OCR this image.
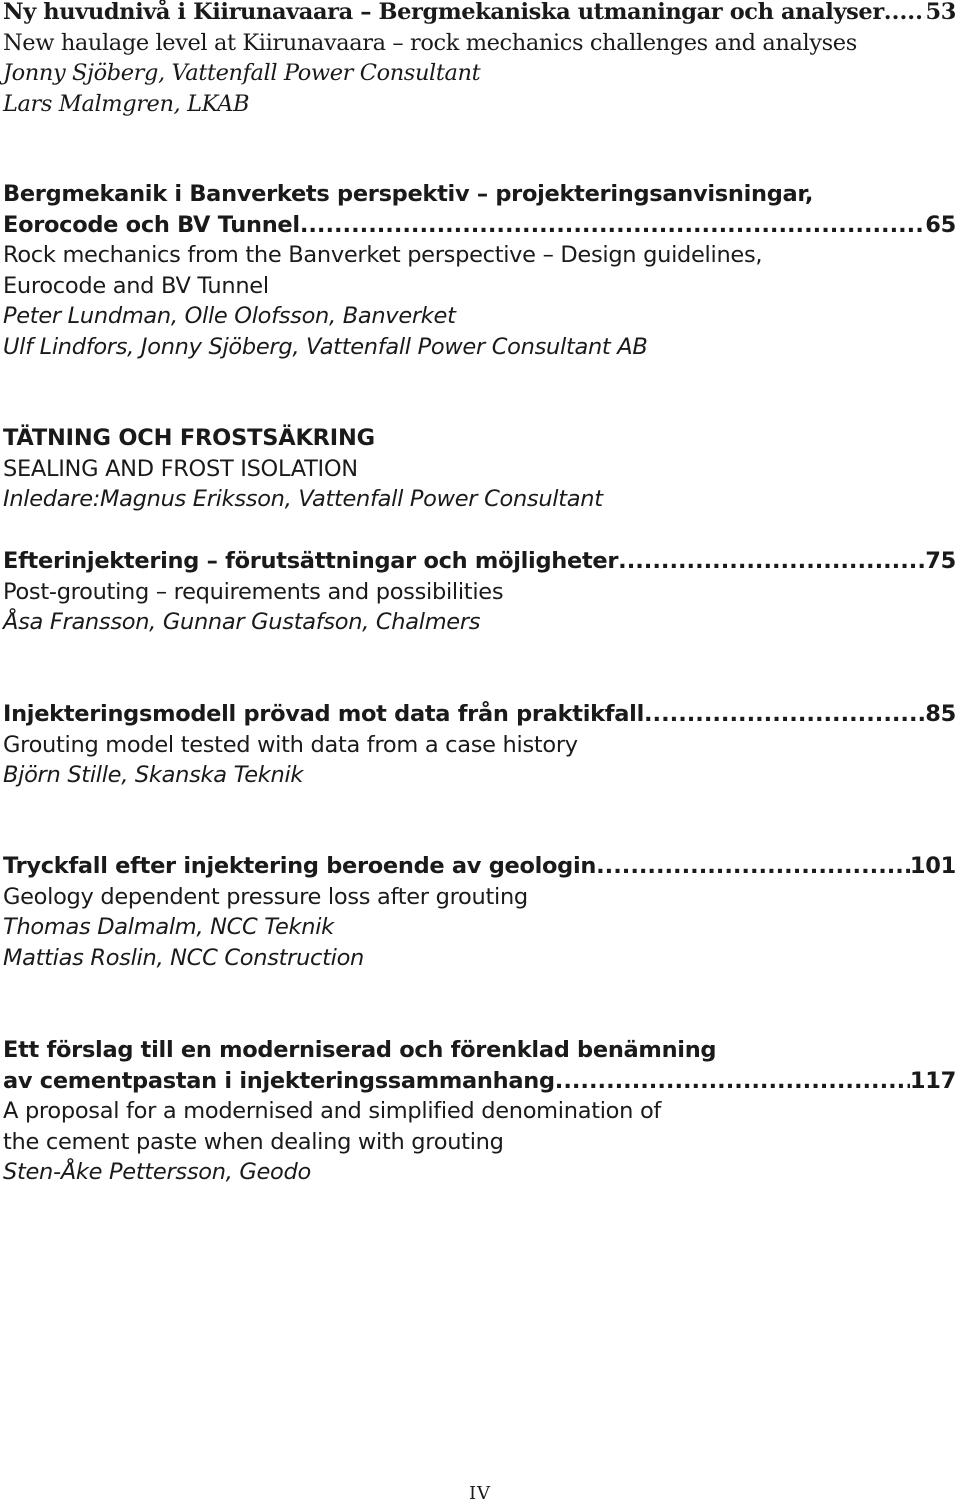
Ny huvudnivå i Kiirunavaara – Bergmekaniska utmaningar och analyser ..... 53
New haulage level at Kiirunavaara – rock mechanics challenges and analyses
Jonny Sjöberg, Vattenfall Power Consultant
Lars Malmgren, LKAB
Bergmekanik i Banverkets perspektiv – projekteringsanvisningar,
Eorocode och BV Tunnel .....	65
Rock mechanics from the Banverket perspective – Design guidelines,
Eurocode and BV Tunnel
Peter Lundman, Olle Olofsson, Banverket
Ulf Lindfors, Jonny Sjöberg, Vattenfall Power Consultant AB
TÄTNING OCH FROSTSÄKRING
SEALING AND FROST ISOLATION
Inledare:Magnus Eriksson, Vattenfall Power Consultant
Efterinjektering – förutsättningar och möjligheter .....	75
Post-grouting – requirements and possibilities
Åsa Fransson, Gunnar Gustafson, Chalmers
Injekteringsmodell prövad mot data från praktikfall .....	85
Grouting model tested with data from a case history
Björn Stille, Skanska Teknik
Tryckfall efter injektering beroende av geologin .....	101
Geology dependent pressure loss after grouting
Thomas Dalmalm, NCC Teknik
Mattias Roslin, NCC Construction
Ett förslag till en moderniserad och förenklad benämning
av cementpastan i injekteringssammanhang .....	117
A proposal for a modernised and simplified denomination of
the cement paste when dealing with grouting
Sten-Åke Pettersson, Geodo
IV
